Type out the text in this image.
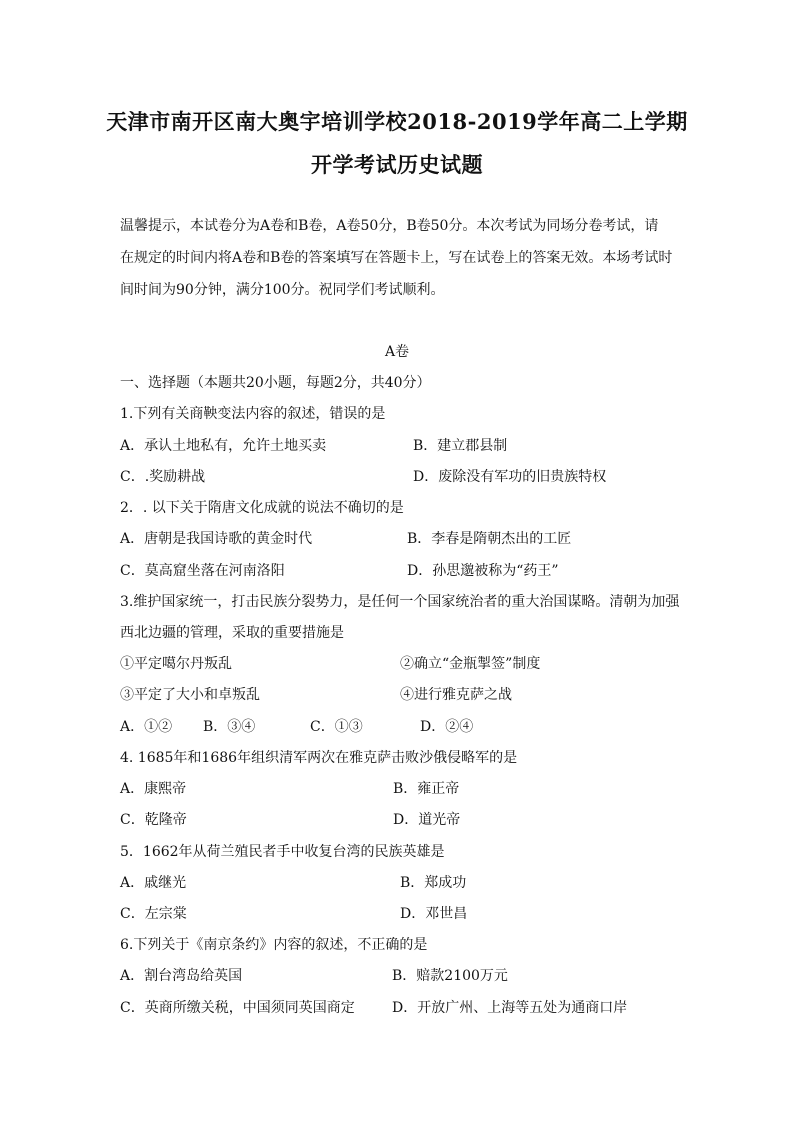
天津市南开区南大奥宇培训学校2018-2019学年高二上学期
开学考试历史试题
温馨提示，本试卷分为A卷和B卷，A卷50分，B卷50分。本次考试为同场分卷考试，请
在规定的时间内将A卷和B卷的答案填写在答题卡上，写在试卷上的答案无效。本场考试时
间时间为90分钟，满分100分。祝同学们考试顺利。
A卷
一、选择题（本题共20小题，每题2分，共40分）
1.下列有关商鞅变法内容的叙述，错误的是
A．承认土地私有，允许土地买卖	B．建立郡县制
C．.奖励耕战	D．废除没有军功的旧贵族特权
2．. 以下关于隋唐文化成就的说法不确切的是
A．唐朝是我国诗歌的黄金时代	B．李春是隋朝杰出的工匠
C．莫高窟坐落在河南洛阳	D．孙思邈被称为“药王”
3.维护国家统一，打击民族分裂势力，是任何一个国家统治者的重大治国谋略。清朝为加强
西北边疆的管理，采取的重要措施是
①平定噶尔丹叛乱	②确立“金瓶掣签”制度
③平定了大小和卓叛乱	④进行雅克萨之战
A．①② B．③④	C．①③	D．②④
4. 1685年和1686年组织清军两次在雅克萨击败沙俄侵略军的是
A．康熙帝	B．雍正帝
C．乾隆帝	D．道光帝
5．1662年从荷兰殖民者手中收复台湾的民族英雄是
A．戚继光	B．郑成功
C．左宗棠	D．邓世昌
6.下列关于《南京条约》内容的叙述，不正确的是
A．割台湾岛给英国	B．赔款2100万元
C．英商所缴关税，中国须同英国商定	D．开放广州、上海等五处为通商口岸
